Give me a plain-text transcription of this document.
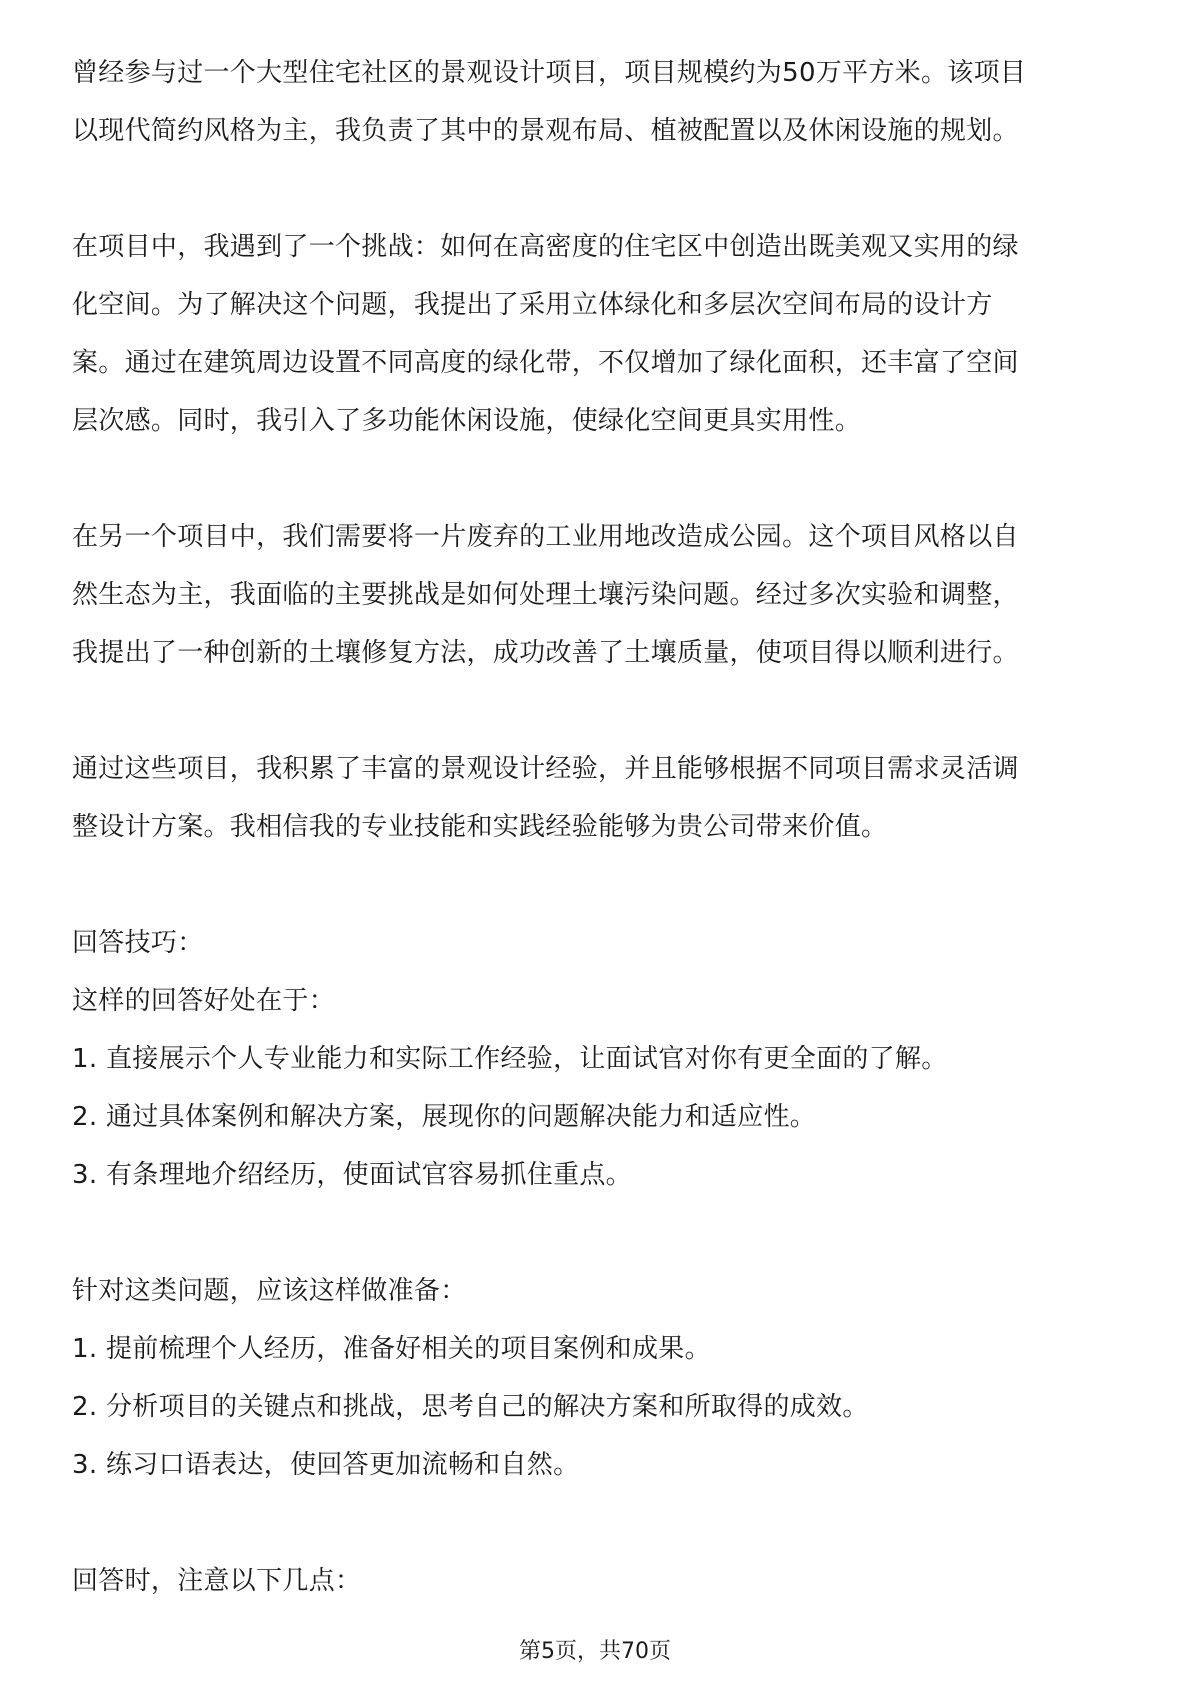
曾经参与过一个大型住宅社区的景观设计项目，项目规模约为50万平方米。该项目
以现代简约风格为主，我负责了其中的景观布局、植被配置以及休闲设施的规划。
在项目中，我遇到了一个挑战：如何在高密度的住宅区中创造出既美观又实用的绿
化空间。为了解决这个问题，我提出了采用立体绿化和多层次空间布局的设计方
案。通过在建筑周边设置不同高度的绿化带，不仅增加了绿化面积，还丰富了空间
层次感。同时，我引入了多功能休闲设施，使绿化空间更具实用性。
在另一个项目中，我们需要将一片废弃的工业用地改造成公园。这个项目风格以自
然生态为主，我面临的主要挑战是如何处理土壤污染问题。经过多次实验和调整，
我提出了一种创新的土壤修复方法，成功改善了土壤质量，使项目得以顺利进行。
通过这些项目，我积累了丰富的景观设计经验，并且能够根据不同项目需求灵活调
整设计方案。我相信我的专业技能和实践经验能够为贵公司带来价值。
回答技巧：
这样的回答好处在于：
1. 直接展示个人专业能力和实际工作经验，让面试官对你有更全面的了解。
2. 通过具体案例和解决方案，展现你的问题解决能力和适应性。
3. 有条理地介绍经历，使面试官容易抓住重点。
针对这类问题，应该这样做准备：
1. 提前梳理个人经历，准备好相关的项目案例和成果。
2. 分析项目的关键点和挑战，思考自己的解决方案和所取得的成效。
3. 练习口语表达，使回答更加流畅和自然。
回答时，注意以下几点：
第5页，共70页
